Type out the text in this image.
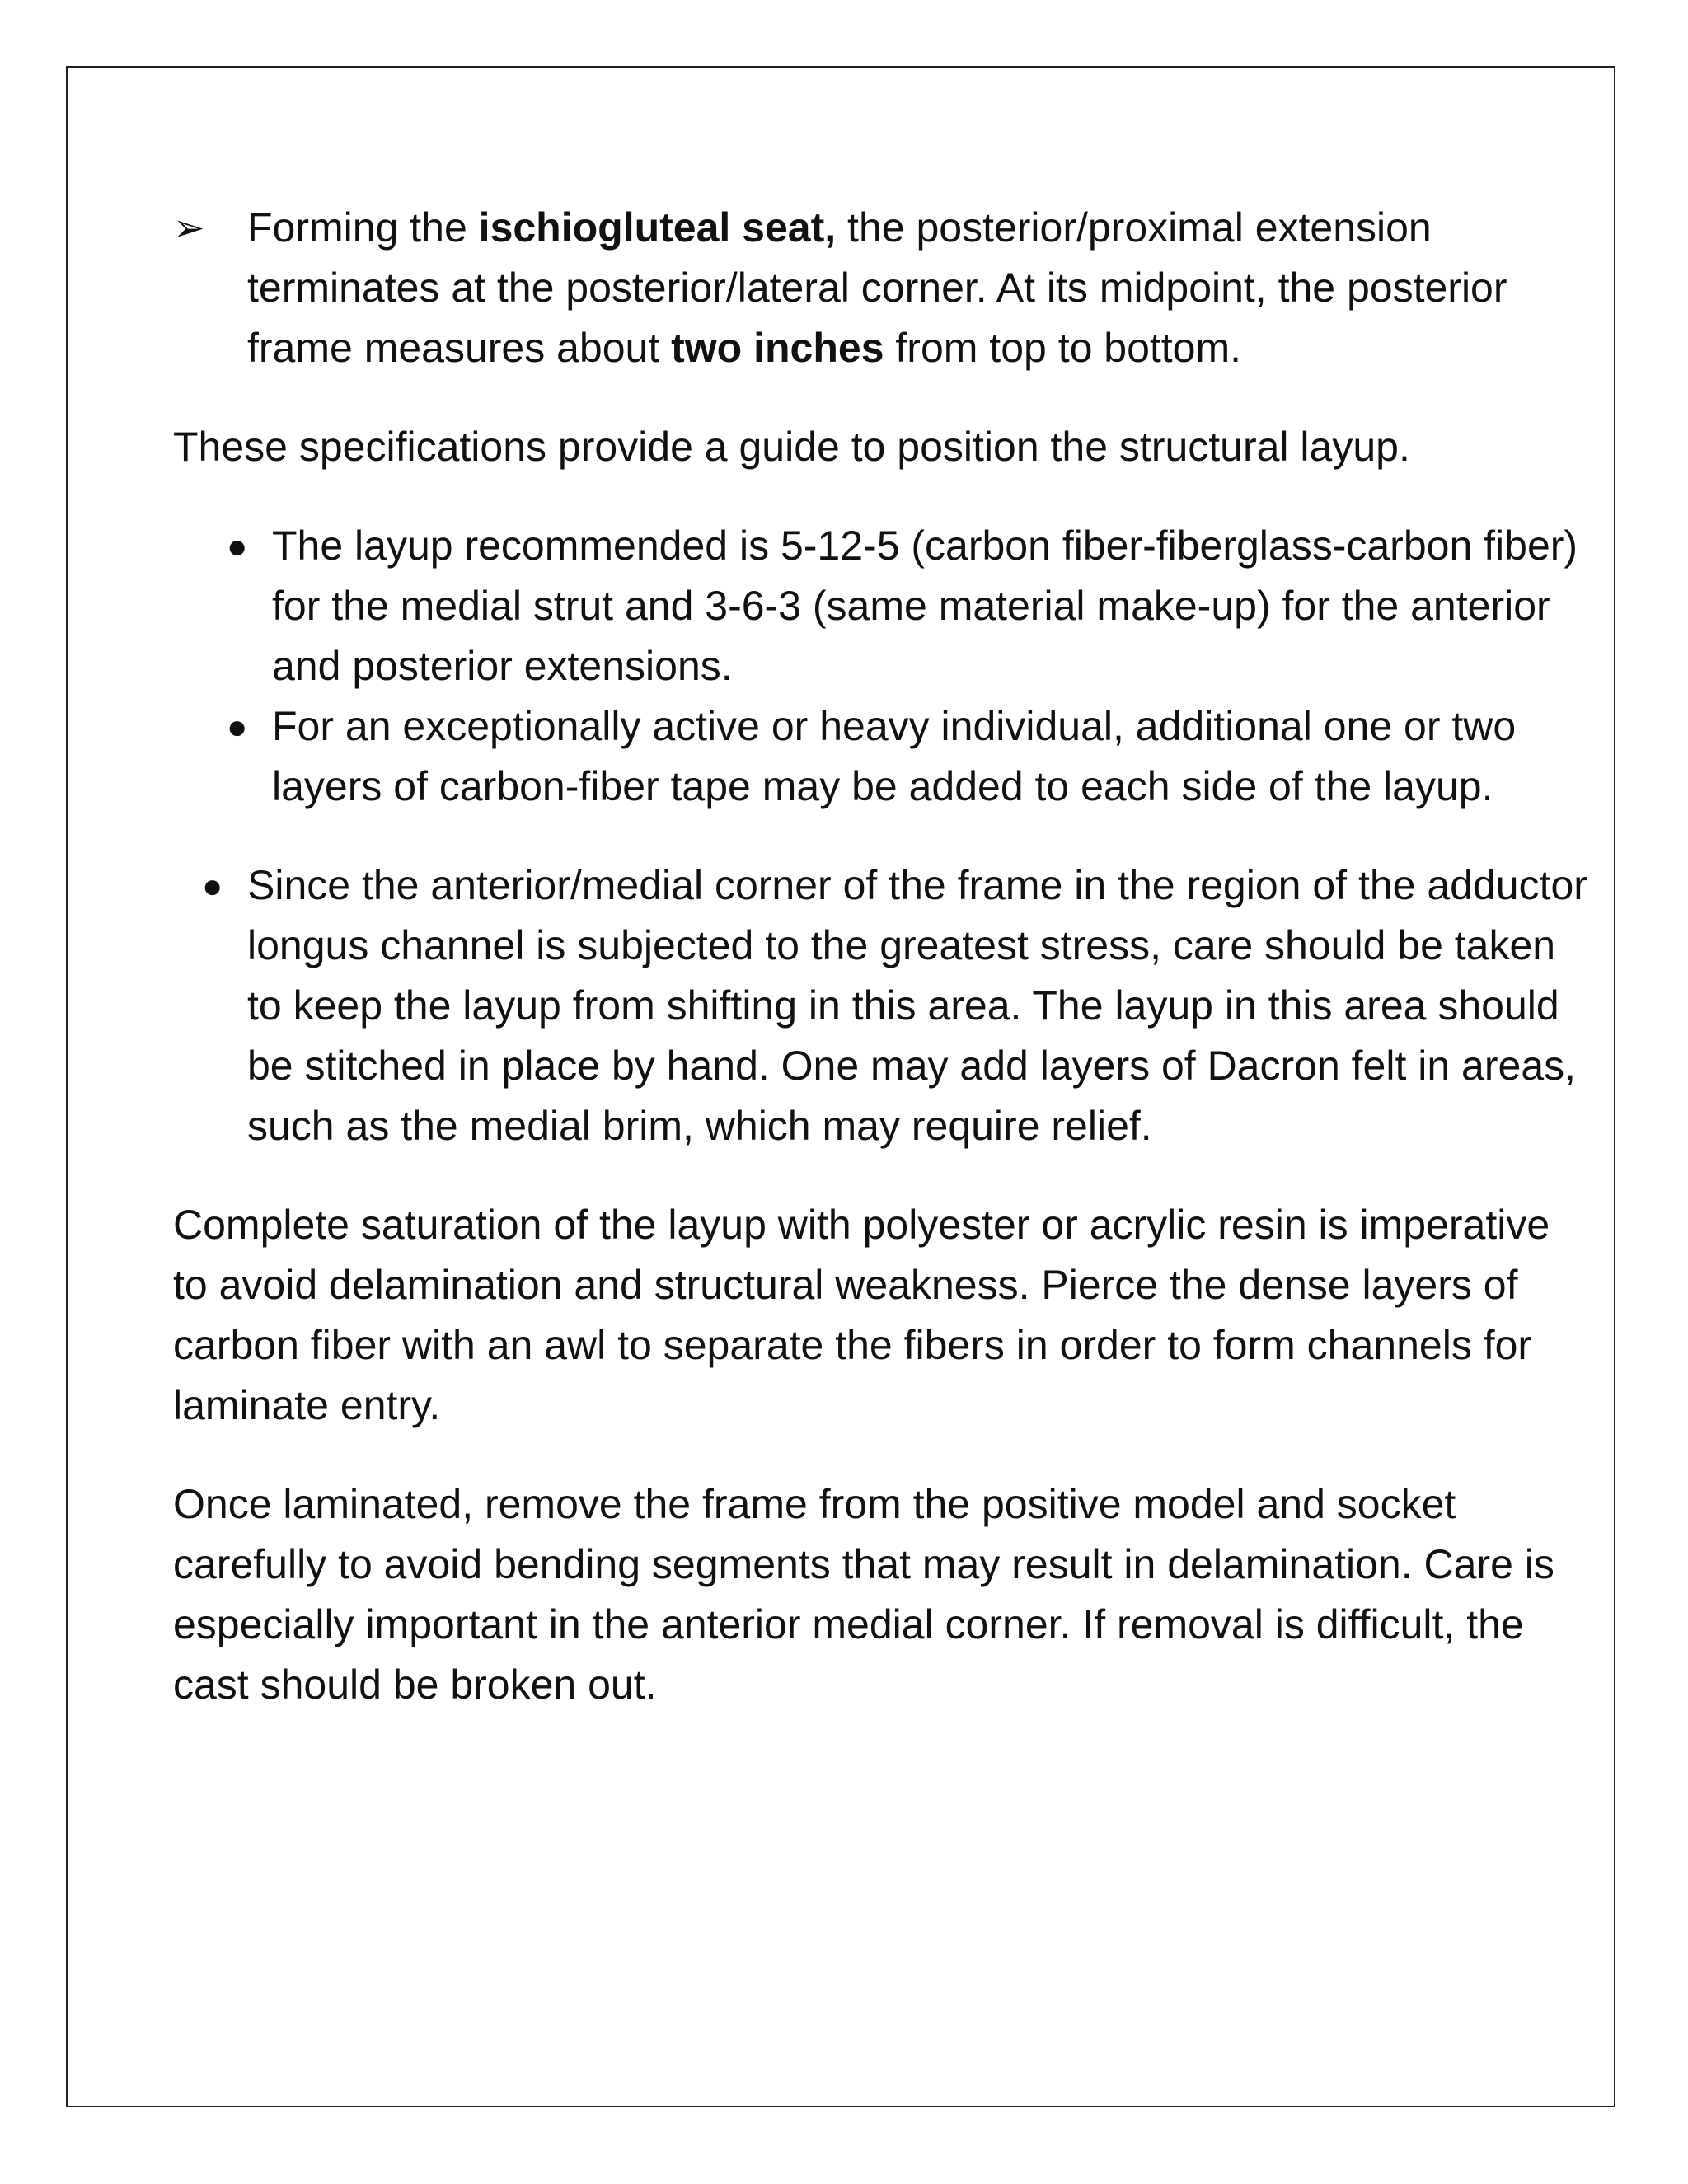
➢ Forming the ischiogluteal seat, the posterior/proximal extension terminates at the posterior/lateral corner. At its midpoint, the posterior frame measures about two inches from top to bottom.

These specifications provide a guide to position the structural layup.

● The layup recommended is 5-12-5 (carbon fiber-fiberglass-carbon fiber) for the medial strut and 3-6-3 (same material make-up) for the anterior and posterior extensions.
● For an exceptionally active or heavy individual, additional one or two layers of carbon-fiber tape may be added to each side of the layup.
● Since the anterior/medial corner of the frame in the region of the adductor longus channel is subjected to the greatest stress, care should be taken to keep the layup from shifting in this area. The layup in this area should be stitched in place by hand. One may add layers of Dacron felt in areas, such as the medial brim, which may require relief.

Complete saturation of the layup with polyester or acrylic resin is imperative to avoid delamination and structural weakness. Pierce the dense layers of carbon fiber with an awl to separate the fibers in order to form channels for laminate entry.

Once laminated, remove the frame from the positive model and socket carefully to avoid bending segments that may result in delamination. Care is especially important in the anterior medial corner. If removal is difficult, the cast should be broken out.
